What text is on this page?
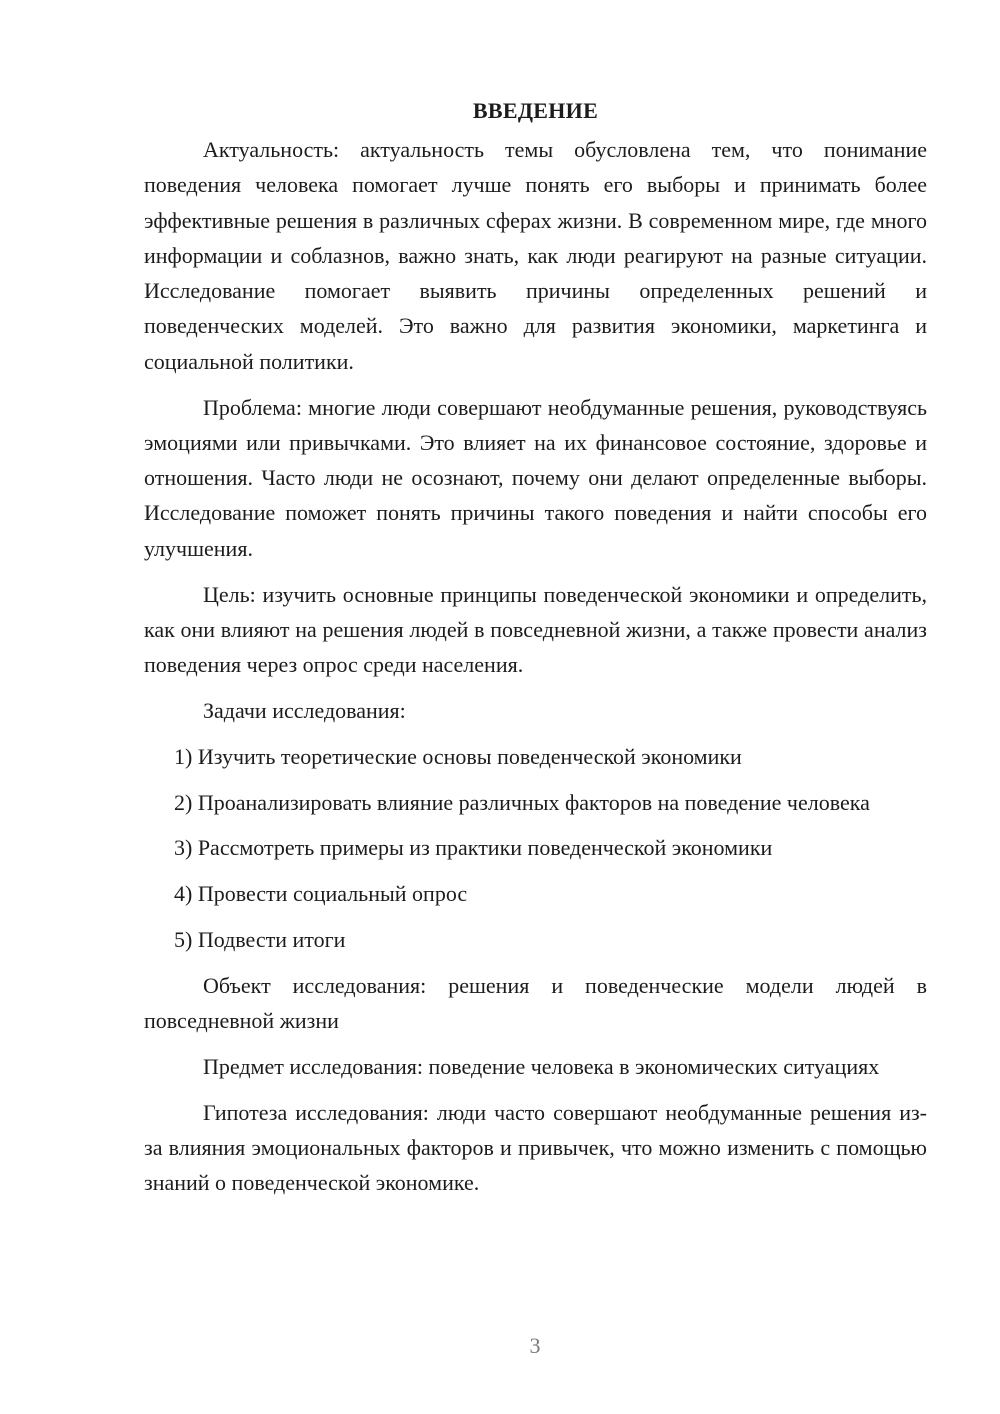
ВВЕДЕНИЕ

Актуальность: актуальность темы обусловлена тем, что понимание поведения человека помогает лучше понять его выборы и принимать более эффективные решения в различных сферах жизни. В современном мире, где много информации и соблазнов, важно знать, как люди реагируют на разные ситуации. Исследование помогает выявить причины определенных решений и поведенческих моделей. Это важно для развития экономики, маркетинга и социальной политики.

Проблема: многие люди совершают необдуманные решения, руководствуясь эмоциями или привычками. Это влияет на их финансовое состояние, здоровье и отношения. Часто люди не осознают, почему они делают определенные выборы. Исследование поможет понять причины такого поведения и найти способы его улучшения.

Цель: изучить основные принципы поведенческой экономики и определить, как они влияют на решения людей в повседневной жизни, а также провести анализ поведения через опрос среди населения.

Задачи исследования:

1) Изучить теоретические основы поведенческой экономики

2) Проанализировать влияние различных факторов на поведение человека

3) Рассмотреть примеры из практики поведенческой экономики

4) Провести социальный опрос

5) Подвести итоги

Объект исследования: решения и поведенческие модели людей в повседневной жизни

Предмет исследования: поведение человека в экономических ситуациях

Гипотеза исследования: люди часто совершают необдуманные решения из-за влияния эмоциональных факторов и привычек, что можно изменить с помощью знаний о поведенческой экономике.

3
